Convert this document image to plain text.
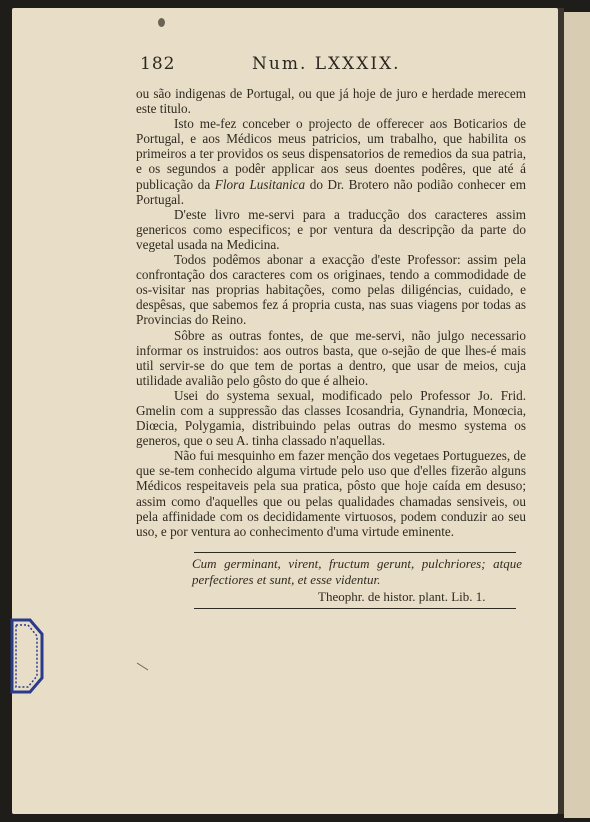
182	Num. LXXXIX.

ou são indigenas de Portugal, ou que já hoje de juro e herdade merecem este titulo.

Isto me-fez conceber o projecto de offerecer aos Boticarios de Portugal, e aos Médicos meus patricios, um trabalho, que habilita os primeiros a ter providos os seus dispensatorios de remedios da sua patria, e os segundos a podêr applicar aos seus doentes podêres, que até á publicação da Flora Lusitanica do Dr. Brotero não podião conhecer em Portugal.

D'este livro me-servi para a traducção dos caracteres assim genericos como especificos; e por ventura da descripção da parte do vegetal usada na Medicina.

Todos podêmos abonar a exacção d'este Professor: assim pela confrontação dos caracteres com os originaes, tendo a commodidade de os-visitar nas proprias habitações, como pelas diligéncias, cuidado, e despêsas, que sabemos fez á propria custa, nas suas viagens por todas as Provincias do Reino.

Sôbre as outras fontes, de que me-servi, não julgo necessario informar os instruidos: aos outros basta, que o-sejão de que lhes-é mais util servir-se do que tem de portas a dentro, que usar de meios, cuja utilidade avalião pelo gôsto do que é alheio.

Usei do systema sexual, modificado pelo Professor Jo. Frid. Gmelin com a suppressão das classes Icosandria, Gynandria, Monœcia, Diœcia, Polygamia, distribuindo pelas outras do mesmo systema os generos, que o seu A. tinha classado n'aquellas.

Não fui mesquinho em fazer menção dos vegetaes Portuguezes, de que se-tem conhecido alguma virtude pelo uso que d'elles fizerão alguns Médicos respeitaveis pela sua pratica, pôsto que hoje caída em desuso; assim como d'aquelles que ou pelas qualidades chamadas sensiveis, ou pela affinidade com os decididamente virtuosos, podem conduzir ao seu uso, e por ventura ao conhecimento d'uma virtude eminente.

Cum germinant, virent, fructum gerunt, pulchriores; atque perfectiores et sunt, et esse videntur.
Theophr. de histor. plant. Lib. 1.
